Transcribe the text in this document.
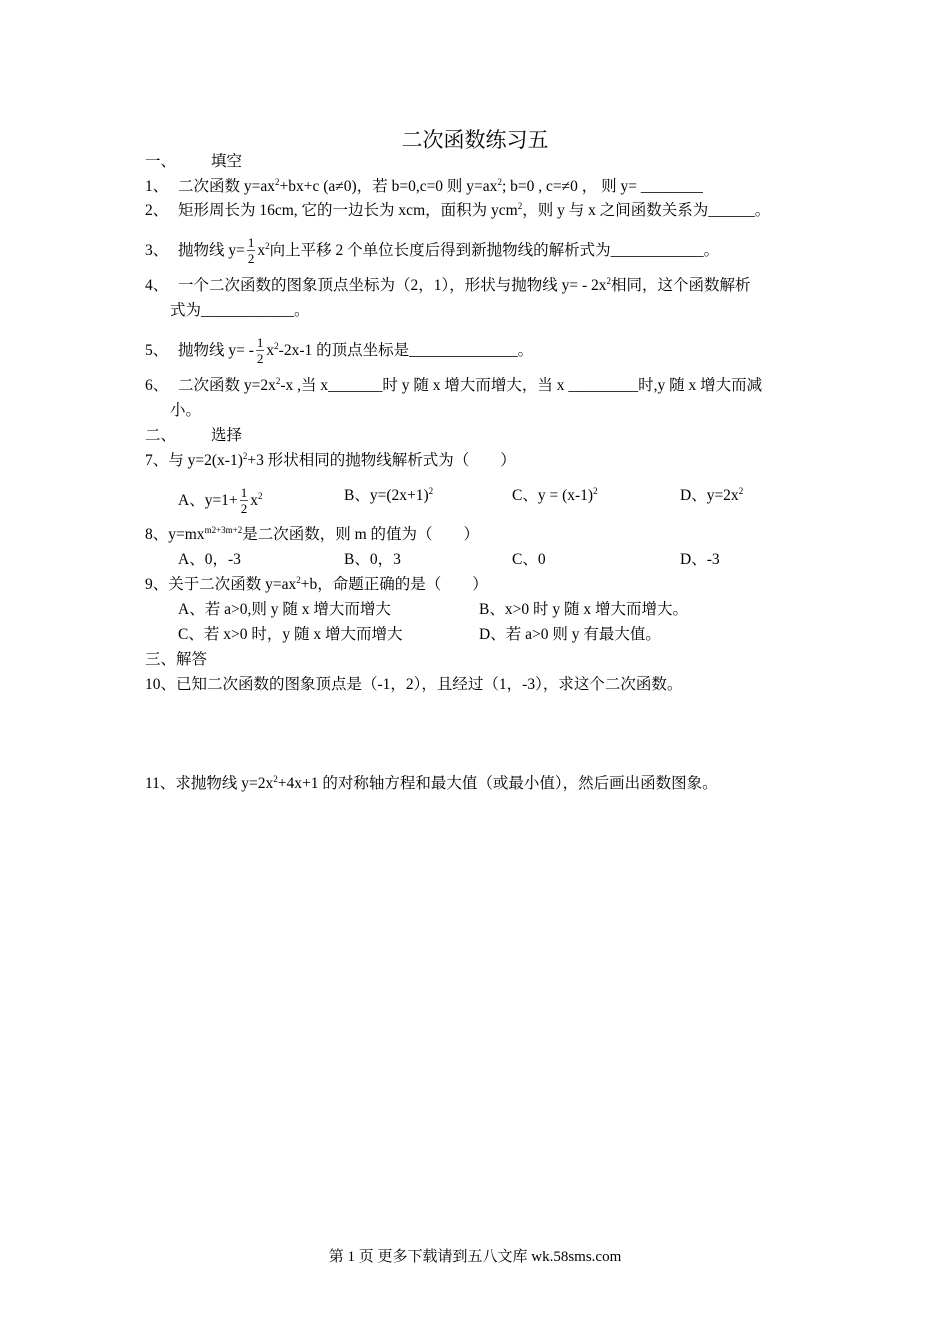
二次函数练习五
一、 填空
1、 二次函数 $y=ax^2+bx+c$ (a≠0)，若 b=0,c=0 则 $y=ax^2$; b=0 , c=≠0 ， 则 y= ________
2、 矩形周长为 16cm, 它的一边长为 xcm，面积为 ycm$^2$，则 y 与 x 之间函数关系为______。
3、 抛物线 $y= \frac{1}{2} x^2$向上平移 2 个单位长度后得到新抛物线的解析式为____________。
4、 一个二次函数的图象顶点坐标为（2，1），形状与抛物线 $y= - 2x^2$相同，这个函数解析
式为____________。
5、 抛物线 $y= - \frac{1}{2} x^2-2x-1$ 的顶点坐标是______________。
6、 二次函数 $y=2x^2-x$ ,当 x_______时 y 随 x 增大而增大，当 x _________时,y 随 x 增大而减
小。
二、 选择
7、与 $y=2(x-1)^2+3$ 形状相同的抛物线解析式为（　　）
A、$y=1+ \frac{1}{2} x^2$	B、$y=(2x+1)^2$	C、$y = (x-1)^2$	D、$y=2x^2$
8、$y=mx^{m2+3m+2}$是二次函数，则 m 的值为（　　）
A、0，-3	B、0，3	C、0	D、-3
9、关于二次函数 $y=ax^2+b$，命题正确的是（　　）
A、若 a>0,则 y 随 x 增大而增大	B、x>0 时 y 随 x 增大而增大。
C、若 x>0 时，y 随 x 增大而增大	D、若 a>0 则 y 有最大值。
三、解答
10、已知二次函数的图象顶点是（-1，2），且经过（1，-3），求这个二次函数。
11、求抛物线 $y=2x^2+4x+1$ 的对称轴方程和最大值（或最小值），然后画出函数图象。
第 1 页 更多下载请到五八文库 wk.58sms.com
